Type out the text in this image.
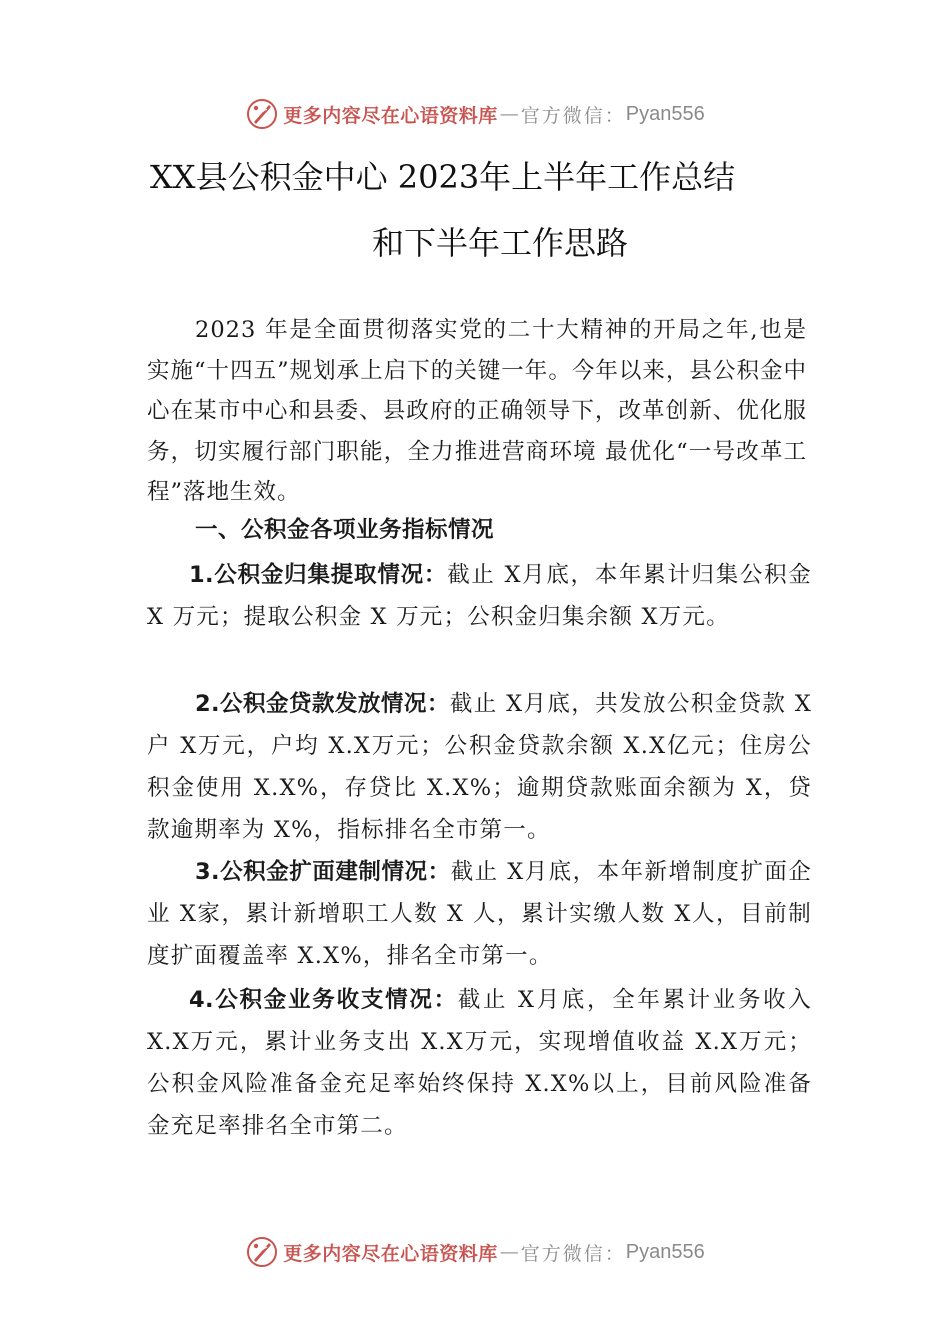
更多内容尽在心语资料库 — 官方微信： Pyan556
XX县公积金中心 2023年上半年工作总结
和下半年工作思路
2023 年是全面贯彻落实党的二十大精神的开局之年,也是实施“十四五”规划承上启下的关键一年。今年以来，县公积金中心在某市中心和县委、县政府的正确领导下，改革创新、优化服务，切实履行部门职能，全力推进营商环境 最优化“一号改革工程”落地生效。
一、公积金各项业务指标情况
1.公积金归集提取情况：截止 X月底，本年累计归集公积金 X 万元；提取公积金 X 万元；公积金归集余额 X万元。
2.公积金贷款发放情况：截止 X月底，共发放公积金贷款 X户 X万元，户均 X.X万元；公积金贷款余额 X.X亿元；住房公积金使用 X.X%，存贷比 X.X%；逾期贷款账面余额为 X，贷款逾期率为 X%，指标排名全市第一。
3.公积金扩面建制情况：截止 X月底，本年新增制度扩面企业 X家，累计新增职工人数 X 人，累计实缴人数 X人，目前制度扩面覆盖率 X.X%，排名全市第一。
4.公积金业务收支情况：截止 X月底，全年累计业务收入 X.X万元，累计业务支出 X.X万元，实现增值收益 X.X万元；公积金风险准备金充足率始终保持 X.X%以上，目前风险准备金充足率排名全市第二。
更多内容尽在心语资料库 — 官方微信： Pyan556
